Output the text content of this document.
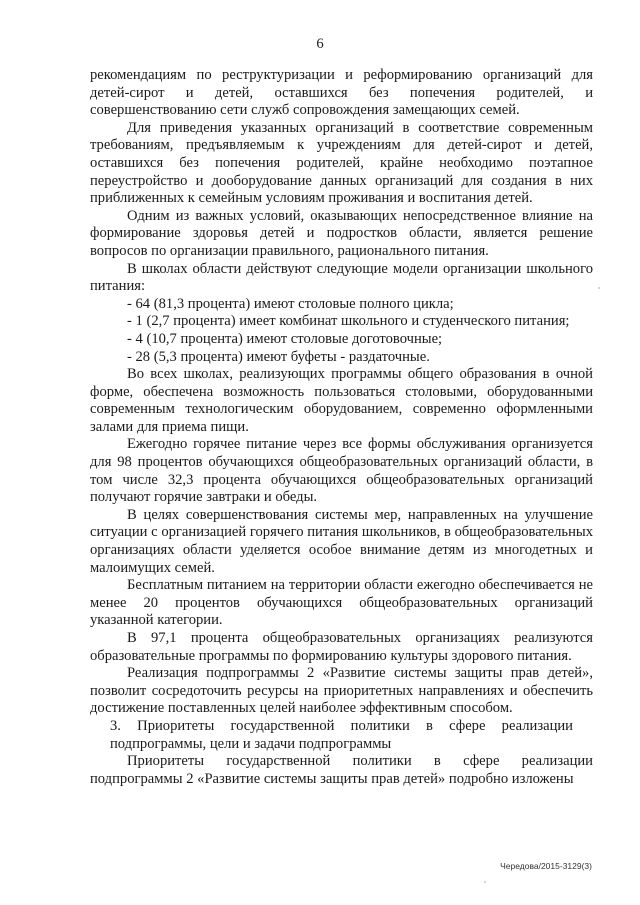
6

рекомендациям по реструктуризации и реформированию организаций для детей-сирот и детей, оставшихся без попечения родителей, и совершенствованию сети служб сопровождения замещающих семей.

Для приведения указанных организаций в соответствие современным требованиям, предъявляемым к учреждениям для детей-сирот и детей, оставшихся без попечения родителей, крайне необходимо поэтапное переустройство и дооборудование данных организаций для создания в них приближенных к семейным условиям проживания и воспитания детей.

Одним из важных условий, оказывающих непосредственное влияние на формирование здоровья детей и подростков области, является решение вопросов по организации правильного, рационального питания.

В школах области действуют следующие модели организации школьного питания:

- 64 (81,3 процента) имеют столовые полного цикла;

- 1 (2,7 процента) имеет комбинат школьного и студенческого питания;

- 4 (10,7 процента) имеют столовые доготовочные;

- 28 (5,3 процента) имеют буфеты - раздаточные.

Во всех школах, реализующих программы общего образования в очной форме, обеспечена возможность пользоваться столовыми, оборудованными современным технологическим оборудованием, современно оформленными залами для приема пищи.

Ежегодно горячее питание через все формы обслуживания организуется для 98 процентов обучающихся общеобразовательных организаций области, в том числе 32,3 процента обучающихся общеобразовательных организаций получают горячие завтраки и обеды.

В целях совершенствования системы мер, направленных на улучшение ситуации с организацией горячего питания школьников, в общеобразовательных организациях области уделяется особое внимание детям из многодетных и малоимущих семей.

Бесплатным питанием на территории области ежегодно обеспечивается не менее 20 процентов обучающихся общеобразовательных организаций указанной категории.

В 97,1 процента общеобразовательных организациях реализуются образовательные программы по формированию культуры здорового питания.

Реализация подпрограммы 2 «Развитие системы защиты прав детей», позволит сосредоточить ресурсы на приоритетных направлениях и обеспечить достижение поставленных целей наиболее эффективным способом.

3. Приоритеты государственной политики в сфере реализации подпрограммы, цели и задачи подпрограммы

Приоритеты государственной политики в сфере реализации подпрограммы 2 «Развитие системы защиты прав детей» подробно изложены

Чередова/2015-3129(3)
